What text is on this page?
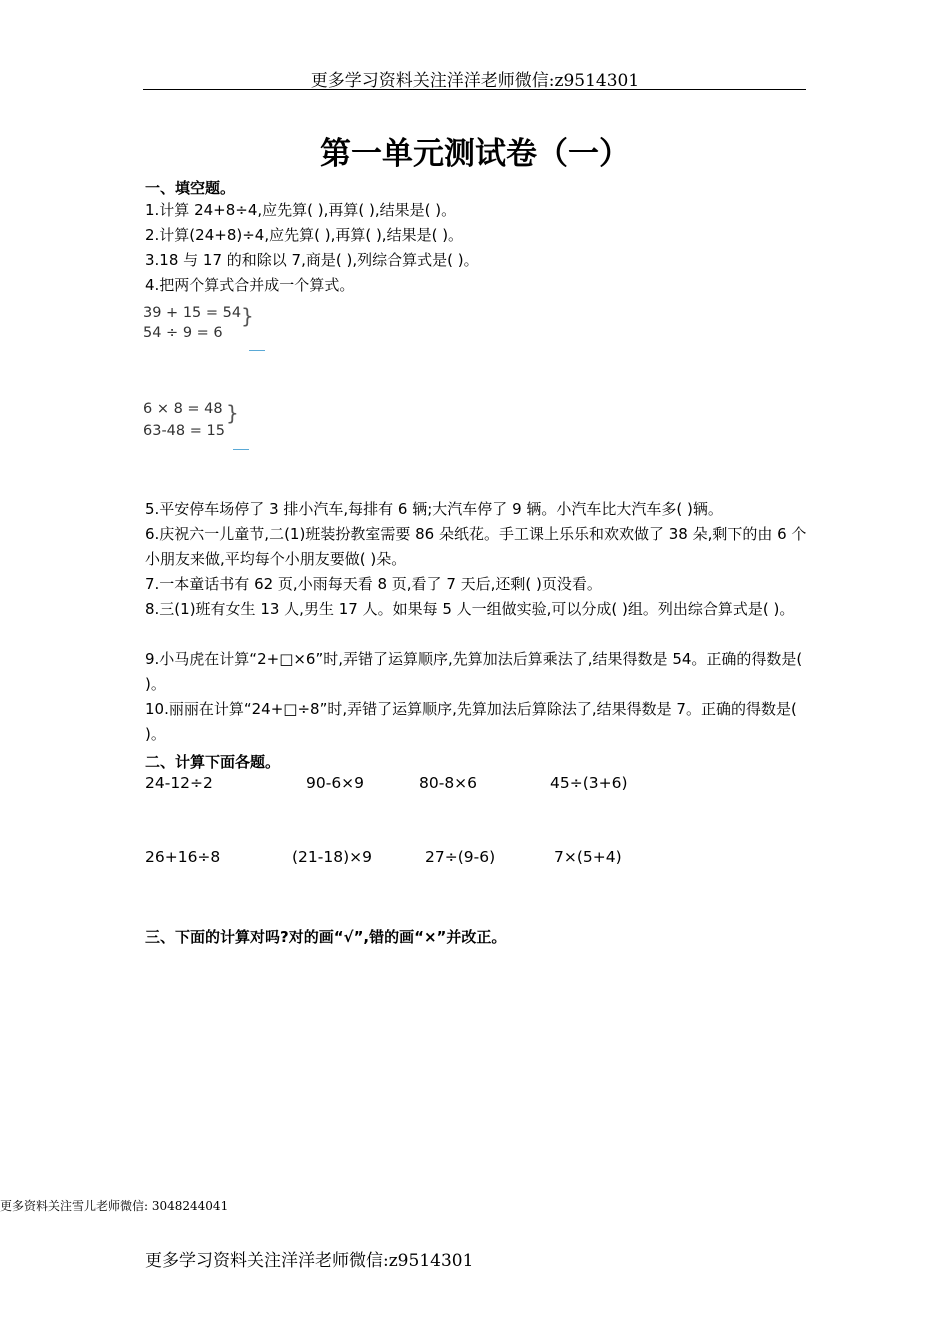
更多学习资料关注洋洋老师微信:z9514301
第一单元测试卷（一）
一、填空题。
1.计算 24+8÷4,应先算( ),再算( ),结果是( )。
2.计算(24+8)÷4,应先算( ),再算( ),结果是( )。
3.18 与 17 的和除以 7,商是( ),列综合算式是( )。
4.把两个算式合并成一个算式。
39 + 15 = 54
54 ÷ 9 = 6
}
6 × 8 = 48
63-48 = 15
}
5.平安停车场停了 3 排小汽车,每排有 6 辆;大汽车停了 9 辆。小汽车比大汽车多( )辆。
6.庆祝六一儿童节,二(1)班装扮教室需要 86 朵纸花。手工课上乐乐和欢欢做了 38 朵,剩下的由 6 个小朋友来做,平均每个小朋友要做( )朵。
7.一本童话书有 62 页,小雨每天看 8 页,看了 7 天后,还剩( )页没看。
8.三(1)班有女生 13 人,男生 17 人。如果每 5 人一组做实验,可以分成( )组。列出综合算式是( )。
9.小马虎在计算“2+□×6”时,弄错了运算顺序,先算加法后算乘法了,结果得数是 54。正确的得数是( )。
10.丽丽在计算“24+□÷8”时,弄错了运算顺序,先算加法后算除法了,结果得数是 7。正确的得数是( )。
二、计算下面各题。
24-12÷2	90-6×9	80-8×6	45÷(3+6)
26+16÷8	(21-18)×9	27÷(9-6)	7×(5+4)
三、下面的计算对吗?对的画“√”,错的画“×”并改正。
更多资料关注雪儿老师微信: 3048244041
更多学习资料关注洋洋老师微信:z9514301
